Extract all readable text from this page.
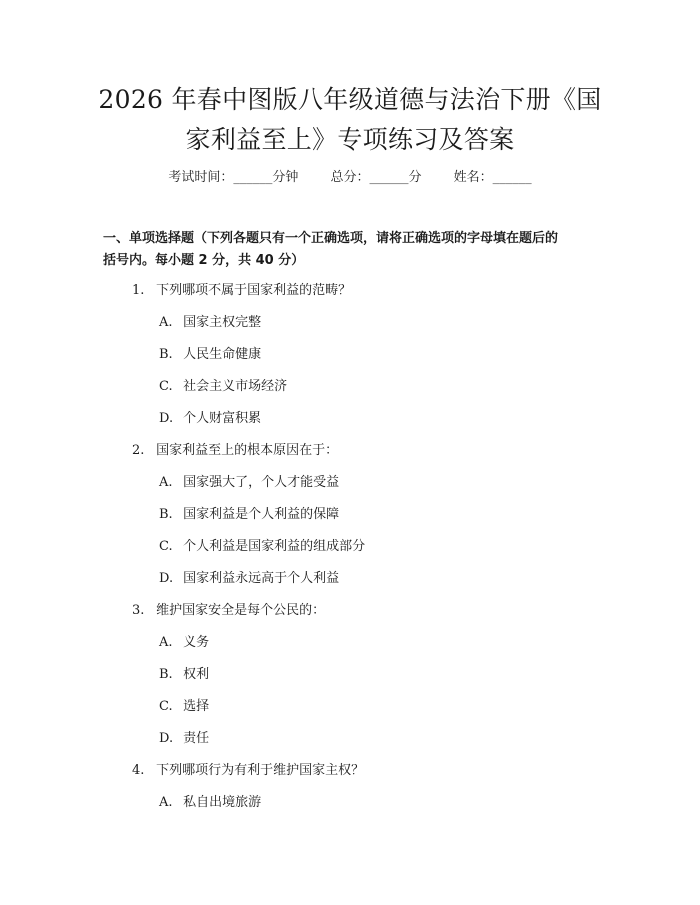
2026 年春中图版八年级道德与法治下册《国
家利益至上》专项练习及答案
考试时间：______分钟 总分：______分 姓名：______
一、单项选择题（下列各题只有一个正确选项，请将正确选项的字母填在题后的
括号内。每小题 2 分，共 40 分）
1. 下列哪项不属于国家利益的范畴？
A. 国家主权完整
B. 人民生命健康
C. 社会主义市场经济
D. 个人财富积累
2. 国家利益至上的根本原因在于：
A. 国家强大了，个人才能受益
B. 国家利益是个人利益的保障
C. 个人利益是国家利益的组成部分
D. 国家利益永远高于个人利益
3. 维护国家安全是每个公民的：
A. 义务
B. 权利
C. 选择
D. 责任
4. 下列哪项行为有利于维护国家主权？
A. 私自出境旅游
